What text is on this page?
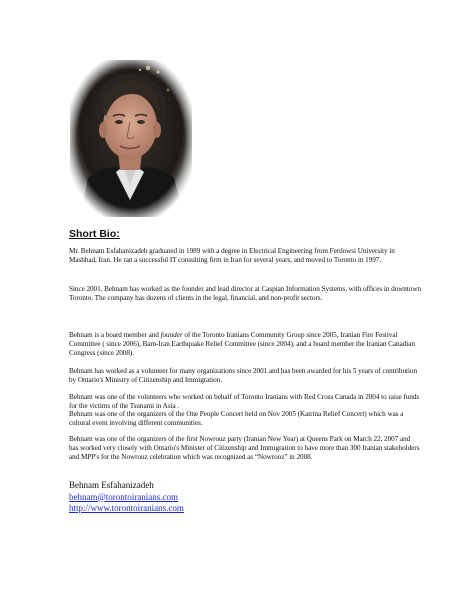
Short Bio:

Mr. Behnam Esfahanizadeh graduated in 1989 with a degree in Electrical Engineering from Ferdowsi University in Mashhad, Iran. He ran a successful IT consulting firm in Iran for several years, and moved to Toronto in 1997.

Since 2001, Behnam has worked as the founder and lead director at Caspian Information Systems, with offices in downtown Toronto. The company has dozens of clients in the legal, financial, and non-profit sectors.

Behnam is a board member and founder of the Toronto Iranians Community Group since 2005, Iranian Fire Festival Committee ( since 2006), Bam-Iran Earthquake Relief Committee (since 2004), and a board member the Iranian Canadian Congress (since 2008).

Behnam has worked as a volunteer for many organizations since 2001 and has been awarded for his 5 years of contribution by Ontario's Ministry of Citizenship and Immigration.

Behnam was one of the volunteers who worked on behalf of Toronto Iranians with Red Cross Canada in 2004 to raise funds for the victims of the Tsunami in Asia .

Behnam was one of the organizers of the One People Concert held on Nov 2005 (Katrina Relief Concert) which was a cultural event involving different communities.

Behnam was one of the organizers of the first Nowrouz party (Iranian New Year) at Queens Park on March 22, 2007 and has worked very closely with Ontario's Minister of Citizenship and Immigration to have more than 300 Iranian stakeholders and MPP's for the Nowrouz celebration which was recognized as “Nowrooz” in 2008.

Behnam Esfahanizadeh
behnam@torontoiranians.com
http://www.torontoiranians.com
